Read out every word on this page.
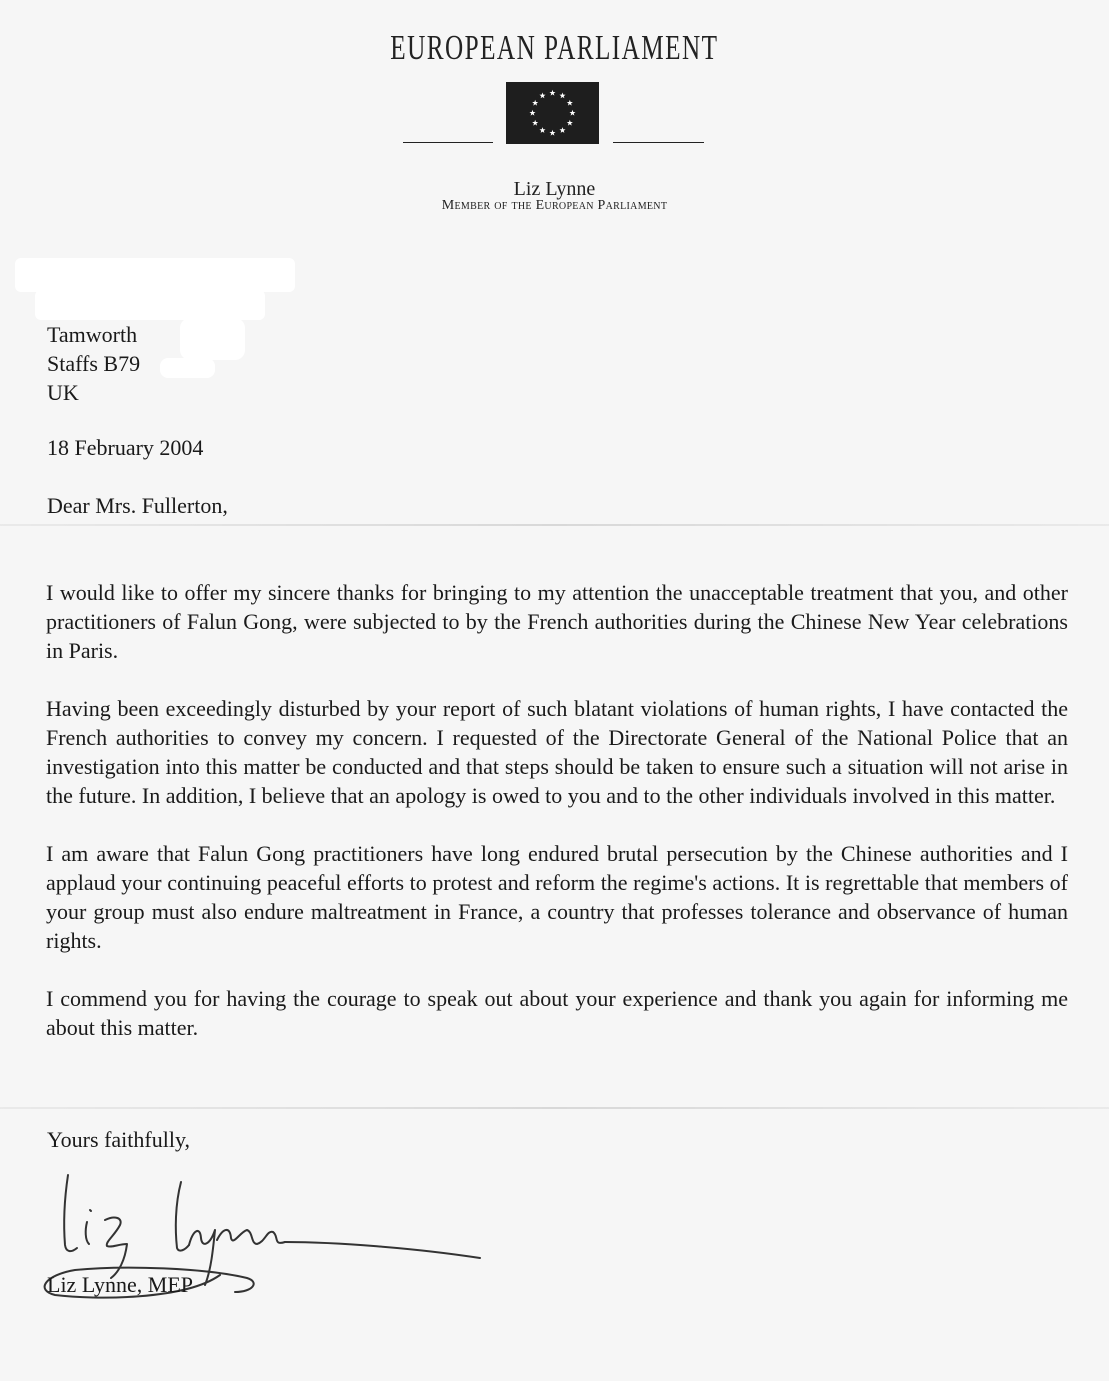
EUROPEAN PARLIAMENT
Liz Lynne
Member of the European Parliament
Tamworth
Staffs B79
UK
18 February 2004
Dear Mrs. Fullerton,

I would like to offer my sincere thanks for bringing to my attention the unacceptable treatment that you, and other practitioners of Falun Gong, were subjected to by the French authorities during the Chinese New Year celebrations in Paris.

Having been exceedingly disturbed by your report of such blatant violations of human rights, I have contacted the French authorities to convey my concern. I requested of the Directorate General of the National Police that an investigation into this matter be conducted and that steps should be taken to ensure such a situation will not arise in the future. In addition, I believe that an apology is owed to you and to the other individuals involved in this matter.

I am aware that Falun Gong practitioners have long endured brutal persecution by the Chinese authorities and I applaud your continuing peaceful efforts to protest and reform the regime's actions. It is regrettable that members of your group must also endure maltreatment in France, a country that professes tolerance and observance of human rights.

I commend you for having the courage to speak out about your experience and thank you again for informing me about this matter.

Yours faithfully,
Liz Lynne, MEP
